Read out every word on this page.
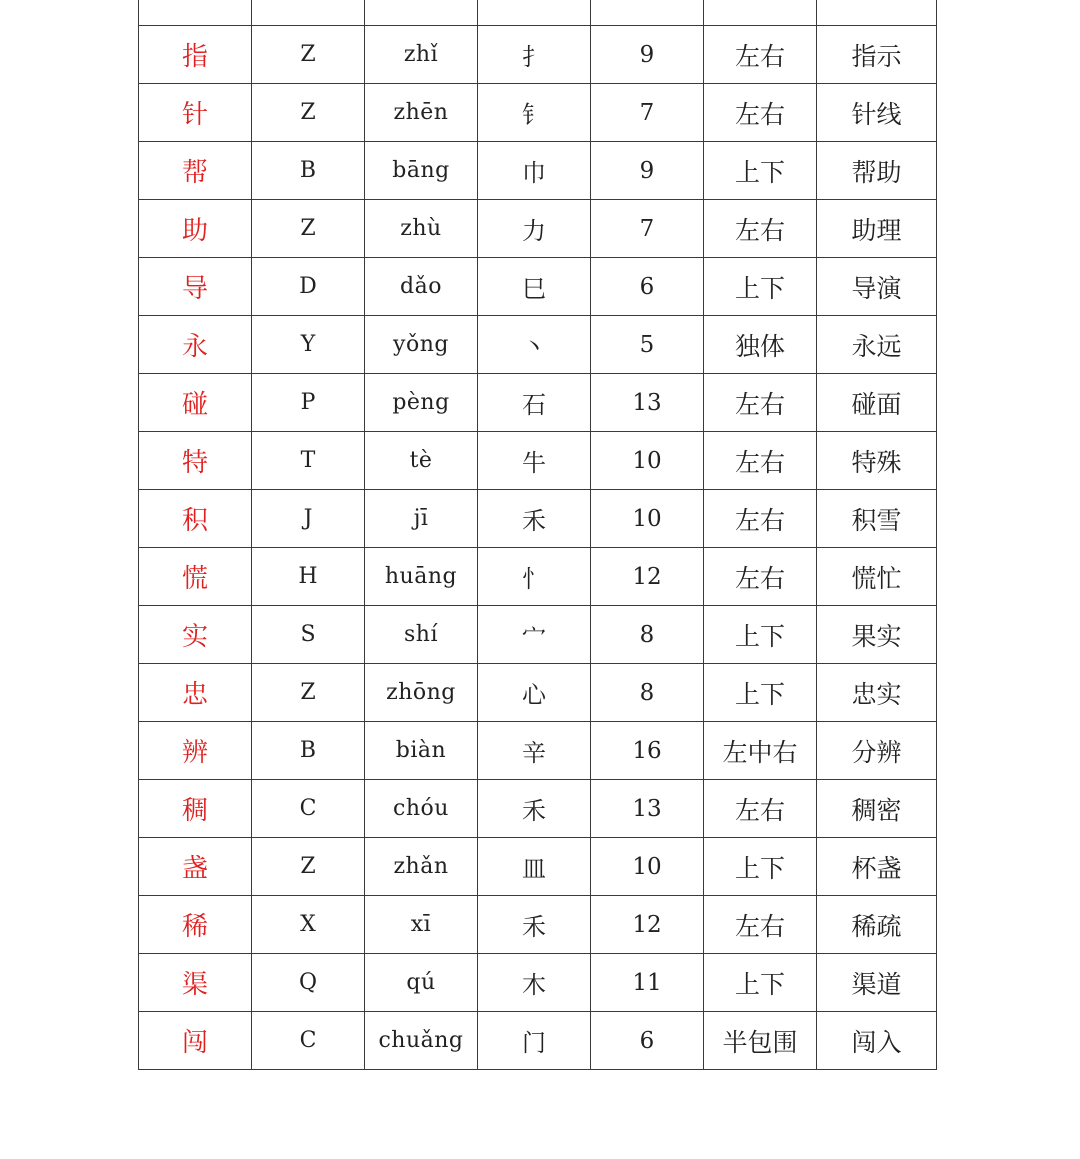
指	Z	zhǐ	扌	9	左右	指示
针	Z	zhēn	钅	7	左右	针线
帮	B	bāng	巾	9	上下	帮助
助	Z	zhù	力	7	左右	助理
导	D	dǎo	巳	6	上下	导演
永	Y	yǒng	丶	5	独体	永远
碰	P	pèng	石	13	左右	碰面
特	T	tè	牛	10	左右	特殊
积	J	jī	禾	10	左右	积雪
慌	H	huāng	忄	12	左右	慌忙
实	S	shí	宀	8	上下	果实
忠	Z	zhōng	心	8	上下	忠实
辨	B	biàn	辛	16	左中右	分辨
稠	C	chóu	禾	13	左右	稠密
盏	Z	zhǎn	皿	10	上下	杯盏
稀	X	xī	禾	12	左右	稀疏
渠	Q	qú	木	11	上下	渠道
闯	C	chuǎng	门	6	半包围	闯入
